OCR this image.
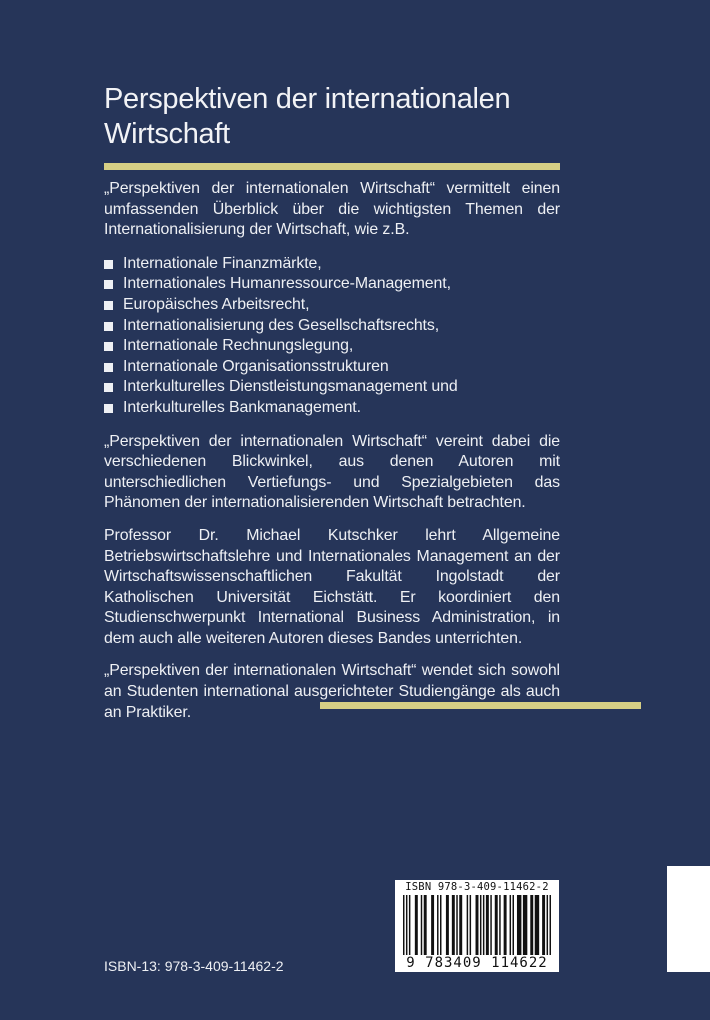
Perspektiven der internationalen
Wirtschaft

„Perspektiven der internationalen Wirtschaft“ vermittelt einen umfassenden Überblick über die wichtigsten Themen der Internationalisierung der Wirtschaft, wie z.B.

Internationale Finanzmärkte,
Internationales Humanressource-Management,
Europäisches Arbeitsrecht,
Internationalisierung des Gesellschaftsrechts,
Internationale Rechnungslegung,
Internationale Organisationsstrukturen
Interkulturelles Dienstleistungsmanagement und
Interkulturelles Bankmanagement.

„Perspektiven der internationalen Wirtschaft“ vereint dabei die verschiedenen Blickwinkel, aus denen Autoren mit unterschiedlichen Vertiefungs- und Spezialgebieten das Phänomen der internationalisierenden Wirtschaft betrachten.

Professor Dr. Michael Kutschker lehrt Allgemeine Betriebswirtschaftslehre und Internationales Management an der Wirtschaftswissenschaftlichen Fakultät Ingolstadt der Katholischen Universität Eichstätt. Er koordiniert den Studienschwerpunkt International Business Administration, in dem auch alle weiteren Autoren dieses Bandes unterrichten.

„Perspektiven der internationalen Wirtschaft“ wendet sich sowohl an Studenten international ausgerichteter Studiengänge als auch an Praktiker.

ISBN 978-3-409-11462-2
9 783409 114622
ISBN-13: 978-3-409-11462-2
